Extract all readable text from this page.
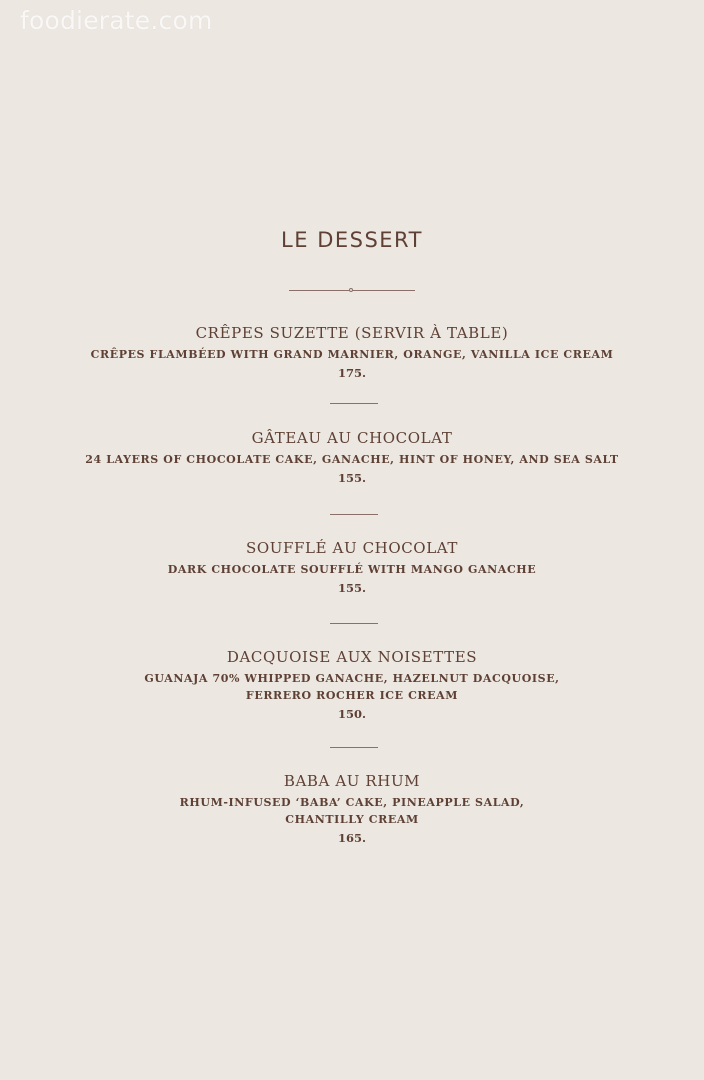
foodierate.com
LE DESSERT
CRÊPES SUZETTE (SERVIR À TABLE)
CRÊPES FLAMBÉED WITH GRAND MARNIER, ORANGE, VANILLA ICE CREAM
175.
GÂTEAU AU CHOCOLAT
24 LAYERS OF CHOCOLATE CAKE, GANACHE, HINT OF HONEY, AND SEA SALT
155.
SOUFFLÉ AU CHOCOLAT
DARK CHOCOLATE SOUFFLÉ WITH MANGO GANACHE
155.
DACQUOISE AUX NOISETTES
GUANAJA 70% WHIPPED GANACHE, HAZELNUT DACQUOISE,
FERRERO ROCHER ICE CREAM
150.
BABA AU RHUM
RHUM-INFUSED ‘BABA’ CAKE, PINEAPPLE SALAD,
CHANTILLY CREAM
165.
